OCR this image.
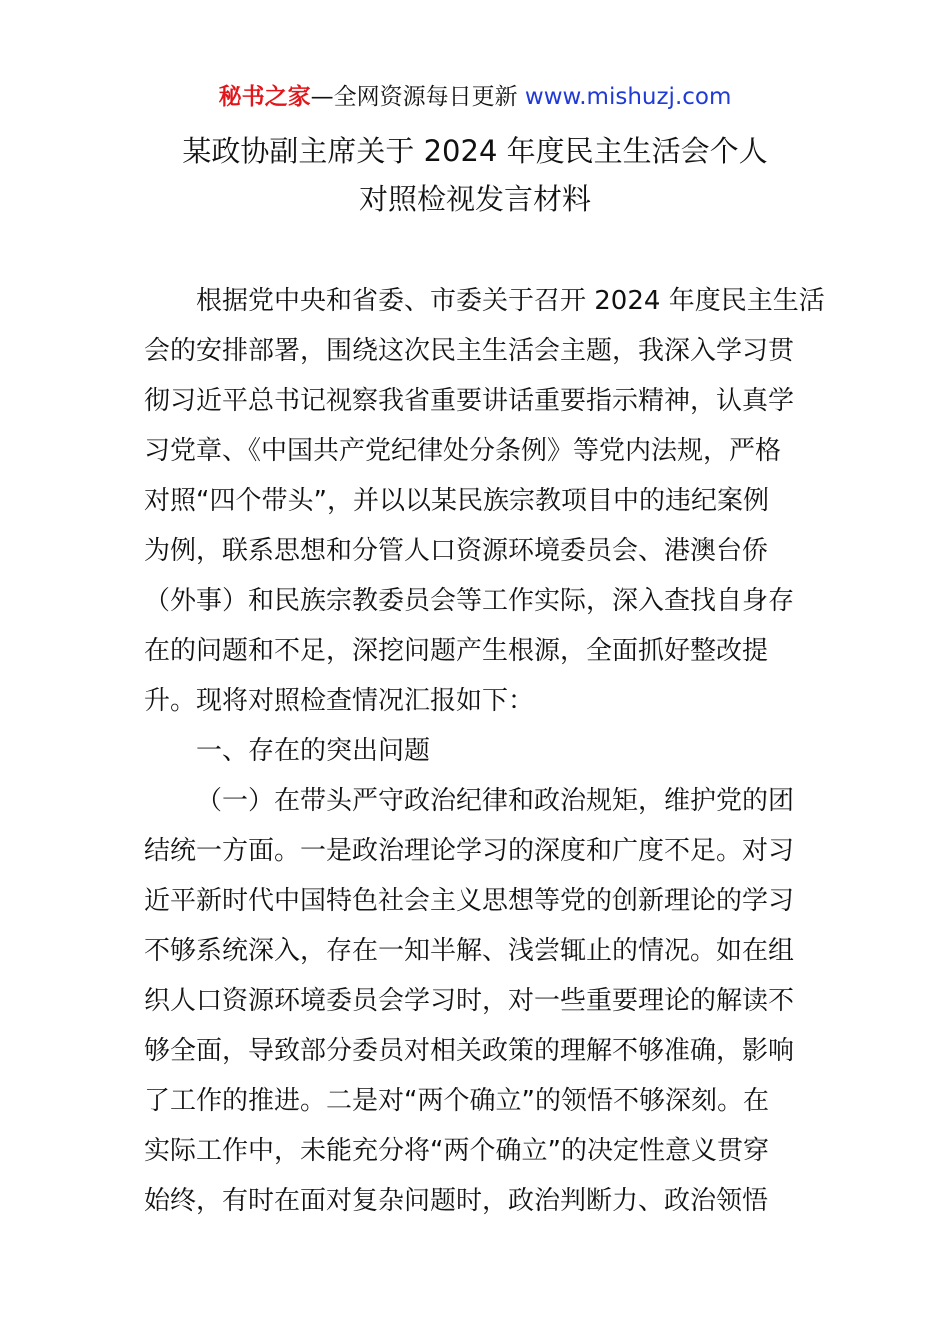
秘书之家—全网资源每日更新 www.mishuzj.com
某政协副主席关于 2024 年度民主生活会个人
对照检视发言材料
根据党中央和省委、市委关于召开 2024 年度民主生活
会的安排部署，围绕这次民主生活会主题，我深入学习贯
彻习近平总书记视察我省重要讲话重要指示精神，认真学
习党章、《中国共产党纪律处分条例》等党内法规，严格
对照“四个带头”，并以以某民族宗教项目中的违纪案例
为例，联系思想和分管人口资源环境委员会、港澳台侨
（外事）和民族宗教委员会等工作实际，深入查找自身存
在的问题和不足，深挖问题产生根源，全面抓好整改提
升。现将对照检查情况汇报如下：
一、存在的突出问题
（一）在带头严守政治纪律和政治规矩，维护党的团
结统一方面。一是政治理论学习的深度和广度不足。对习
近平新时代中国特色社会主义思想等党的创新理论的学习
不够系统深入，存在一知半解、浅尝辄止的情况。如在组
织人口资源环境委员会学习时，对一些重要理论的解读不
够全面，导致部分委员对相关政策的理解不够准确，影响
了工作的推进。二是对“两个确立”的领悟不够深刻。在
实际工作中，未能充分将“两个确立”的决定性意义贯穿
始终，有时在面对复杂问题时，政治判断力、政治领悟
